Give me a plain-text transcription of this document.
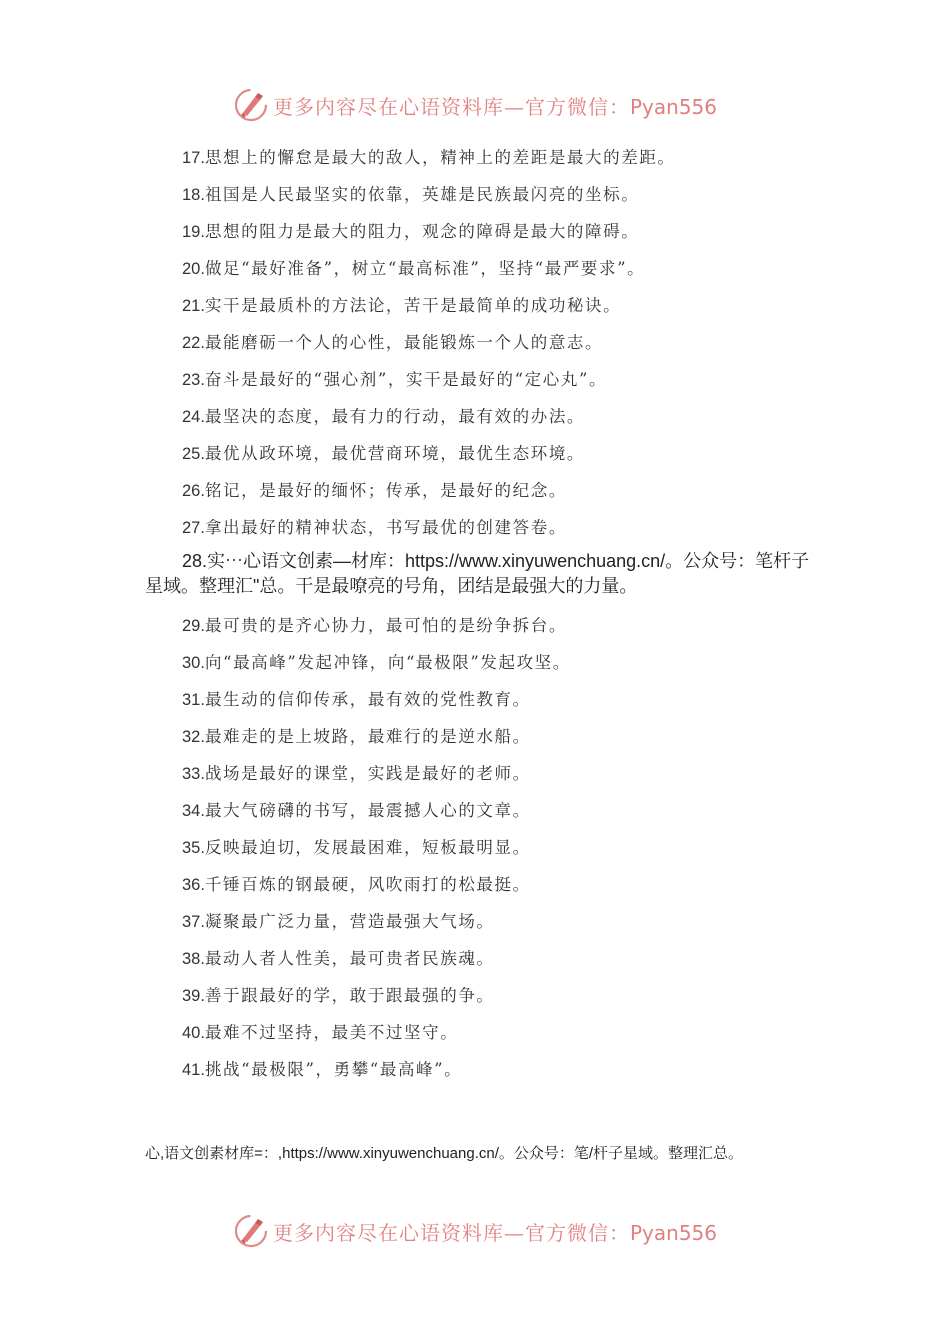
更多内容尽在心语资料库—官方微信：Pyan556
17.思想上的懈怠是最大的敌人，精神上的差距是最大的差距。
18.祖国是人民最坚实的依靠，英雄是民族最闪亮的坐标。
19.思想的阻力是最大的阻力，观念的障碍是最大的障碍。
20.做足“最好准备”，树立“最高标准”，坚持“最严要求”。
21.实干是最质朴的方法论，苦干是最简单的成功秘诀。
22.最能磨砺一个人的心性，最能锻炼一个人的意志。
23.奋斗是最好的“强心剂”，实干是最好的“定心丸”。
24.最坚决的态度，最有力的行动，最有效的办法。
25.最优从政环境，最优营商环境，最优生态环境。
26.铭记，是最好的缅怀；传承，是最好的纪念。
27.拿出最好的精神状态，书写最优的创建答卷。
29.最可贵的是齐心协力，最可怕的是纷争拆台。
30.向“最高峰”发起冲锋，向“最极限”发起攻坚。
31.最生动的信仰传承，最有效的党性教育。
32.最难走的是上坡路，最难行的是逆水船。
33.战场是最好的课堂，实践是最好的老师。
34.最大气磅礴的书写，最震撼人心的文章。
35.反映最迫切，发展最困难，短板最明显。
36.千锤百炼的钢最硬，风吹雨打的松最挺。
37.凝聚最广泛力量，营造最强大气场。
38.最动人者人性美，最可贵者民族魂。
39.善于跟最好的学，敢于跟最强的争。
40.最难不过坚持，最美不过坚守。
41.挑战“最极限”，勇攀“最高峰”。
28.实⋯心语文创素—材库：https://www.xinyuwenchuang.cn/。公众号：笔杆子星域。整理汇"总。干是最嘹亮的号角，团结是最强大的力量。
心,语文创素材库=：,https://www.xinyuwenchuang.cn/。公众号：笔/杆子星域。整理汇总。
更多内容尽在心语资料库—官方微信：Pyan556
